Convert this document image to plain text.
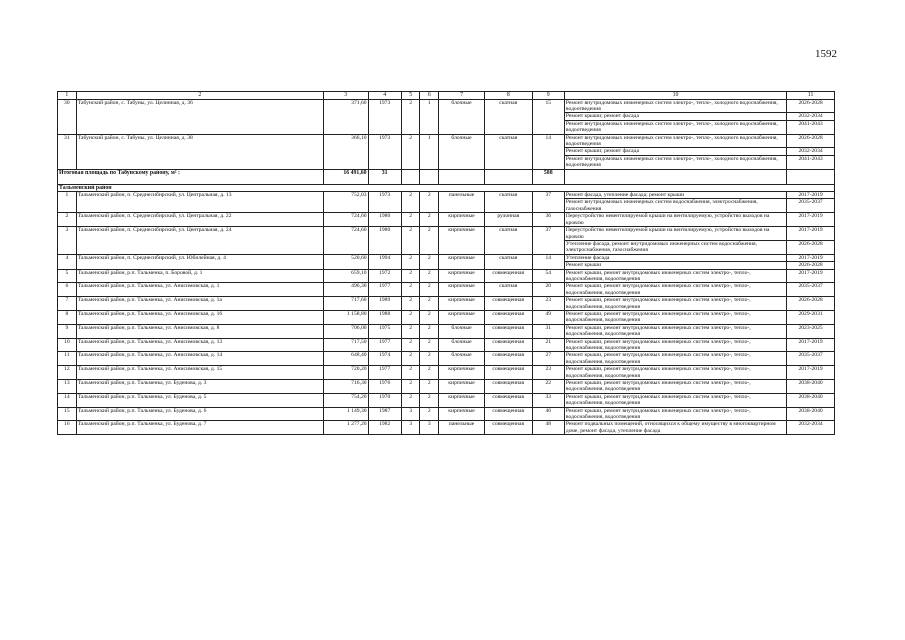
1592
1	2	3	4	5	6	7	8	9	10	11
30	Табунский район, с. Табуны, ул. Целинная, д. 36	371,60	1973	2	1	блочные	скатная	15	Ремонт внутридомовых инженерных систем электро-, тепло-, холодного водоснабжения, водоотведения	2026-2028
									Ремонт крыши; ремонт фасада	2032-2034
									Ремонт внутридомовых инженерных систем электро-, тепло-, холодного водоснабжения, водоотведения	2041-2043
31	Табунский район, с. Табуны, ул. Целинная, д. 38	366,10	1973	2	1	блочные	скатная	14	Ремонт внутридомовых инженерных систем электро-, тепло-, холодного водоснабжения, водоотведения	2026-2028
									Ремонт крыши; ремонт фасада	2032-2034
									Ремонт внутридомовых инженерных систем электро-, тепло-, холодного водоснабжения, водоотведения	2041-2043
Итоговая площадь по Табунскому району, м² :		16 491,60	31					588		
Тальменский район										
1	Тальменский район, п. Среднесибирский, ул. Центральная, д. 13	752,03	1973	2	2	панельные	скатная	37	Ремонт фасада, утепление фасада; ремонт крыши	2017-2019
									Ремонт внутридомовых инженерных систем водоснабжения, электроснабжения, газоснабжения	2035-2037
2	Тальменский район, п. Среднесибирский, ул. Центральная, д. 22	724,60	1980	2	2	кирпичные	рулонная	36	Переустройство невентилируемой крыши на вентилируемую, устройство выходов на кровлю	2017-2019
3	Тальменский район, п. Среднесибирский, ул. Центральная, д. 24	724,60	1980	2	2	кирпичные	скатная	37	Переустройство невентилируемой крыши на вентилируемую, устройство выходов на кровлю	2017-2019
									Утепление фасада, ремонт внутридомовых инженерных систем водоснабжения, электроснабжения, газоснабжения	2026-2028
4	Тальменский район, п. Среднесибирский, ул. Юбилейная, д. 4	520,60	1994	2	2	кирпичные	скатная	14	Утепление фасада	2017-2019
									Ремонт крыши	2026-2028
5	Тальменский район, р.п. Тальменка, п. Боровой, д. 1	659,10	1972	2	2	кирпичные	совмещенная	54	Ремонт крыши, ремонт внутридомовых инженерных систем электро-, тепло-, водоснабжения, водоотведения	2017-2019
6	Тальменский район, р.п. Тальменка, ул. Анисимовская, д. 1	496,30	1977	2	2	кирпичные	скатная	20	Ремонт крыши, ремонт внутридомовых инженерных систем электро-, тепло-, водоснабжения, водоотведения	2035-2037
7	Тальменский район, р.п. Тальменка, ул. Анисимовская, д. 1а	717,60	1989	2	2	кирпичные	совмещенная	23	Ремонт крыши, ремонт внутридомовых инженерных систем электро-, тепло-, водоснабжения, водоотведения	2026-2028
8	Тальменский район, р.п. Тальменка, ул. Анисимовская, д. 16	1 158,80	1988	2	2	кирпичные	совмещенная	49	Ремонт крыши, ремонт внутридомовых инженерных систем электро-, тепло-, водоснабжения, водоотведения	2029-2031
9	Тальменский район, р.п. Тальменка, ул. Анисимовская, д. 8	706,00	1975	2	2	блочные	совмещенная	31	Ремонт крыши, ремонт внутридомовых инженерных систем электро-, тепло-, водоснабжения, водоотведения	2023-2025
10	Тальменский район, р.п. Тальменка, ул. Анисимовская, д. 13	717,50	1977	2	2	блочные	совмещенная	21	Ремонт крыши, ремонт внутридомовых инженерных систем электро-, тепло-, водоснабжения, водоотведения	2017-2019
11	Тальменский район, р.п. Тальменка, ул. Анисимовская, д. 14	648,40	1974	2	2	блочные	совмещенная	27	Ремонт крыши, ремонт внутридомовых инженерных систем электро-, тепло-, водоснабжения, водоотведения	2035-2037
12	Тальменский район, р.п. Тальменка, ул. Анисимовская, д. 15	720,20	1977	2	2	кирпичные	совмещенная	23	Ремонт крыши, ремонт внутридомовых инженерных систем электро-, тепло-, водоснабжения, водоотведения	2017-2019
13	Тальменский район, р.п. Тальменка, ул. Буденова, д. 3	716,30	1976	2	2	кирпичные	совмещенная	22	Ремонт крыши, ремонт внутридомовых инженерных систем электро-, тепло-, водоснабжения, водоотведения	2038-2040
14	Тальменский район, р.п. Тальменка, ул. Буденова, д. 5	754,20	1970	2	2	кирпичные	совмещенная	33	Ремонт крыши, ремонт внутридомовых инженерных систем электро-, тепло-, водоснабжения, водоотведения	2038-2040
15	Тальменский район, р.п. Тальменка, ул. Буденова, д. 6	1 149,30	1987	3	2	кирпичные	совмещенная	46	Ремонт крыши, ремонт внутридомовых инженерных систем электро-, тепло-, водоснабжения, водоотведения	2038-2040
16	Тальменский район, р.п. Тальменка, ул. Буденова, д. 7	1 277,20	1982	3	3	панельные	совмещенная	48	Ремонт подвальных помещений, относящихся к общему имуществу в многоквартирном доме, ремонт фасада, утепление фасада	2032-2034
